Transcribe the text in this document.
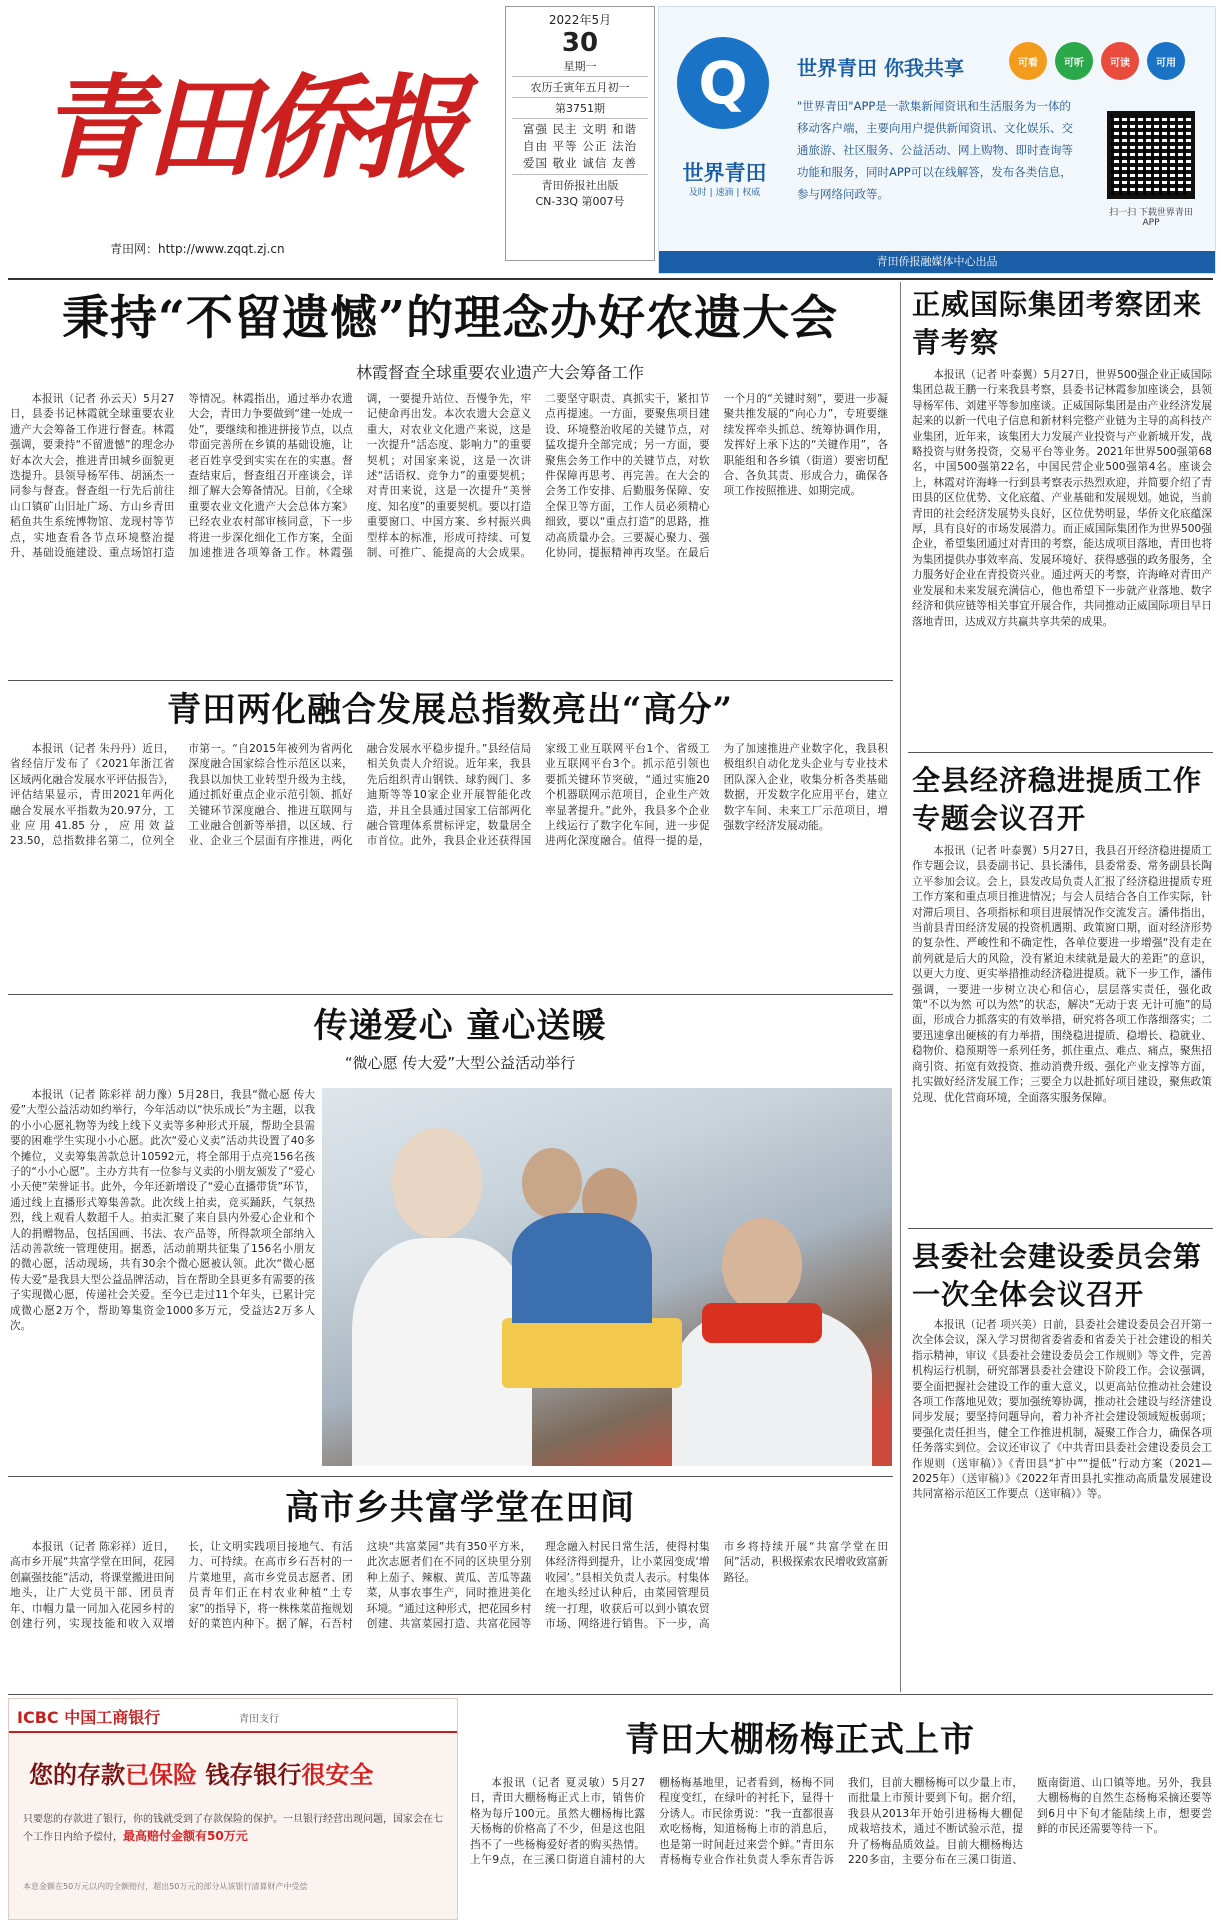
青田侨报
青田网：http://www.zqqt.zj.cn
2022年5月
30
星期一
农历壬寅年五月初一
第3751期
富强 民主 文明 和谐
自由 平等 公正 法治
爱国 敬业 诚信 友善
青田侨报社出版
CN-33Q 第007号
Q
世界青田
及时 | 速滴 | 权威
世界青田 你我共享	可看	可听	可读	可用
"世界青田"APP是一款集新闻资讯和生活服务为一体的移动客户端，主要向用户提供新闻资讯、文化娱乐、交通旅游、社区服务、公益活动、网上购物、即时查询等功能和服务，同时APP可以在线解答，发布各类信息，参与网络问政等。
扫一扫 下载世界青田APP
青田侨报融媒体中心出品
秉持“不留遗憾”的理念办好农遗大会
林霞督查全球重要农业遗产大会筹备工作
本报讯（记者 孙云天）5月27日，县委书记林霞就全球重要农业遗产大会筹备工作进行督查。林霞强调，要秉持“不留遗憾”的理念办好本次大会，推进青田城乡面貌更迭提升。县领导杨军伟、胡涵杰一同参与督查。督查组一行先后前往山口镇矿山旧址广场、方山乡青田稻鱼共生系统博物馆、龙现村等节点，实地查看各节点环境整治提升、基础设施建设、重点场馆打造等情况。林霞指出，通过举办农遗大会，青田力争要做到“建一处成一处”，要继续和推进拼接节点，以点带面完善所在乡镇的基础设施，让老百姓享受到实实在在的实惠。督查结束后，督查组召开座谈会，详细了解大会筹备情况。目前，《全球重要农业文化遗产大会总体方案》已经农业农村部审核同意，下一步将进一步深化细化工作方案，全面加速推进各项筹备工作。林霞强调，一要提升站位、吾慢争先，牢记使命再出发。本次农遗大会意义重大，对农业文化遗产来说，这是一次提升“活态度、影响力”的重要契机；对国家来说，这是一次讲述“活语权、竞争力”的重要契机；对青田来说，这是一次提升“美誉度、知名度”的重要契机。要以打造重要窗口、中国方案、乡村振兴典型样本的标准，形成可持续、可复制、可推广、能提高的大会成果。二要坚守职责、真抓实干，紧扣节点再提速。一方面，要聚焦项目建设、环境整治收尾的关键节点，对猛攻提升全部完成；另一方面，要聚焦会务工作中的关键节点，对软件保障再思考、再完善。在大会的会务工作安排、后勤服务保障、安全保卫等方面，工作人员必须精心细致，要以“重点打造”的思路，推动高质量办会。三要凝心聚力、强化协同，提振精神再攻坚。在最后一个月的“关键时刻”，要进一步凝聚共推发展的“向心力”，专班要继续发挥牵头抓总、统筹协调作用，发挥好上承下达的“关键作用”，各职能组和各乡镇（街道）要密切配合、各负其责、形成合力，确保各项工作按照推进、如期完成。
青田两化融合发展总指数亮出“高分”
本报讯（记者 朱丹丹）近日，省经信厅发布了《2021年浙江省区域两化融合发展水平评估报告》，评估结果显示，青田2021年两化融合发展水平指数为20.97分，工业应用41.85分，应用效益23.50，总指数排名第二，位列全市第一。“自2015年被列为省两化深度融合国家综合性示范区以来，我县以加快工业转型升级为主线，通过抓好重点企业示范引领、抓好关键环节深度融合、推进互联网与工业融合创新等举措，以区域、行业、企业三个层面有序推进，两化融合发展水平稳步提升。”县经信局相关负责人介绍说。近年来，我县先后组织青山钢铁、球豹阀门、多迪斯等等10家企业开展智能化改造，并且全县通过国家工信部两化融合管理体系贯标评定，数量居全市首位。此外，我县企业还获得国家级工业互联网平台1个、省级工业互联网平台3个。抓示范引领也要抓关键环节突破，“通过实施20个机器联网示范项目，企业生产效率显著提升。”此外，我县多个企业上线运行了数字化车间，进一步促进两化深度融合。值得一提的是，为了加速推进产业数字化，我县积极组织自动化龙头企业与专业技术团队深入企业，收集分析各类基础数据，开发数字化应用平台，建立数字车间、未来工厂示范项目，增强数字经济发展动能。
传递爱心 童心送暖
“微心愿 传大爱”大型公益活动举行
本报讯（记者 陈彩祥 胡力豫）5月28日，我县“微心愿 传大爱”大型公益活动如约举行，今年活动以“快乐成长”为主题，以我的小小心愿礼物等为线上线下义卖等多种形式开展，帮助全县需要的困难学生实现小小心愿。此次“爱心义卖”活动共设置了40多个摊位，义卖筹集善款总计10592元，将全部用于点亮156名孩子的“小小心愿”。主办方共有一位参与义卖的小朋友颁发了“爱心小天使”荣誉证书。此外，今年还新增设了“爱心直播带货”环节，通过线上直播形式筹集善款。此次线上拍卖，竞买踊跃，气氛热烈，线上观看人数超千人。拍卖汇聚了来自县内外爱心企业和个人的捐赠物品，包括国画、书法、农产品等，所得款项全部纳入活动善款统一管理使用。据悉，活动前期共征集了156名小朋友的微心愿，活动现场，共有30余个微心愿被认领。此次“微心愿 传大爱”是我县大型公益品牌活动，旨在帮助全县更多有需要的孩子实现微心愿，传递社会关爱。至今已走过11个年头，已累计完成微心愿2万个，帮助筹集资金1000多万元，受益达2万多人次。
高市乡共富学堂在田间
本报讯（记者 陈彩祥）近日，高市乡开展“共富学堂在田间，花园创赢强技能”活动，将课堂搬进田间地头，让广大党员干部、团员青年、巾帼力量一同加入花园乡村的创建行列，实现技能和收入双增长，让文明实践项目接地气、有活力、可持续。在高市乡石吾村的一片菜地里，高市乡党员志愿者、团员青年们正在村农业种植“土专家”的指导下，将一株株菜苗拖规划好的菜笆内种下。据了解，石吾村这块“共富菜园”共有350平方米，此次志愿者们在不同的区块里分别种上茄子、辣椒、黄瓜、苦瓜等蔬菜，从事农事生产，同时推进美化环境。“通过这种形式，把花园乡村创建、共富菜园打造、共富花园等理念融入村民日常生活，使得村集体经济得到提升，让小菜园变成‘增收园’。”县相关负责人表示。村集体在地头经过认种后，由菜园管理员统一打理，收获后可以到小镇农贸市场、网络进行销售。下一步，高市乡将持续开展“共富学堂在田间”活动，积极探索农民增收致富新路径。
ICBC 中国工商银行	青田支行
您的存款已保险 钱存银行很安全
只要您的存款进了银行，你的钱就受到了存款保险的保护。一旦银行经营出现问题，国家会在七个工作日内给予偿付，最高赔付金额有50万元
本息金额在50万元以内的全额赔付，超出50万元的部分从该银行清算财产中受偿
青田大棚杨梅正式上市
本报讯（记者 夏灵敏）5月27日，青田大棚杨梅正式上市，销售价格为每斤100元。虽然大棚杨梅比露天杨梅的价格高了不少，但是这也阻挡不了一些杨梅爱好者的购买热情。上午9点，在三溪口街道自浦村的大棚杨梅基地里，记者看到，杨梅不同程度变红，在绿叶的衬托下，显得十分诱人。市民徐勇说：“我一直都很喜欢吃杨梅，知道杨梅上市的消息后，也是第一时间赶过来尝个鲜。”青田东青杨梅专业合作社负责人季东青告诉我们，目前大棚杨梅可以少量上市，而批量上市预计要到下旬。据介绍，我县从2013年开始引进杨梅大棚促成栽培技术，通过不断试验示范，提升了杨梅品质效益。目前大棚杨梅达220多亩，主要分布在三溪口街道、瓯南街道、山口镇等地。另外，我县大棚杨梅的自然生态杨梅采摘还要等到6月中下旬才能陆续上市，想要尝鲜的市民还需要等待一下。
正威国际集团考察团来青考察
本报讯（记者 叶泰翼）5月27日，世界500强企业正威国际集团总裁王鹏一行来我县考察，县委书记林霞参加座谈会，县领导杨军伟、刘建平等参加座谈。正威国际集团是由产业经济发展起来的以新一代电子信息和新材料完整产业链为主导的高科技产业集团，近年来，该集团大力发展产业投资与产业新城开发，战略投资与财务投资，交易平台等业务。2021年世界500强第68名，中国500强第22名，中国民营企业500强第4名。座谈会上，林霞对许海峰一行到县考察表示热烈欢迎，并简要介绍了青田县的区位优势、文化底蕴、产业基础和发展规划。她说，当前青田的社会经济发展势头良好，区位优势明显，华侨文化底蕴深厚，具有良好的市场发展潜力。而正威国际集团作为世界500强企业，希望集团通过对青田的考察，能达成项目落地，青田也将为集团提供办事效率高、发展环境好、获得感强的政务服务，全力服务好企业在青投资兴业。通过两天的考察，许海峰对青田产业发展和未来发展充满信心，他也希望下一步就产业落地、数字经济和供应链等相关事宜开展合作，共同推动正威国际项目早日落地青田，达成双方共赢共享共荣的成果。
全县经济稳进提质工作专题会议召开
本报讯（记者 叶泰翼）5月27日，我县召开经济稳进提质工作专题会议，县委副书记、县长潘伟，县委常委、常务副县长陶立平参加会议。会上，县发改局负责人汇报了经济稳进提质专班工作方案和重点项目推进情况；与会人员结合各自工作实际，针对滞后项目、各项指标和项目进展情况作交流发言。潘伟指出，当前县青田经济发展的投资机遇期、政策窗口期，面对经济形势的复杂性、严峻性和不确定性，各单位要进一步增强“没有走在前列就是后大的风险，没有紧迫未续就是最大的差距”的意识，以更大力度、更实举措推动经济稳进提质。就下一步工作，潘伟强调，一要进一步树立决心和信心，层层落实责任，强化政策“不以为然 可以为然”的状态，解决“无动于衷 无计可施”的局面，形成合力抓落实的有效举措，研究将各项工作落细落实；二要迅速拿出硬核的有力举措，围绕稳进提质、稳增长、稳就业、稳物价、稳预期等一系列任务，抓住重点、难点、痛点，聚焦招商引资、拓宽有效投资、推动消费升级、强化产业支撑等方面，扎实做好经济发展工作；三要全力以赴抓好项目建设，聚焦政策兑现、优化营商环境，全面落实服务保障。
县委社会建设委员会第一次全体会议召开
本报讯（记者 项兴美）日前，县委社会建设委员会召开第一次全体会议，深入学习贯彻省委省委和省委关于社会建设的相关指示精神，审议《县委社会建设委员会工作规则》等文件，完善机构运行机制，研究部署县委社会建设下阶段工作。会议强调，要全面把握社会建设工作的重大意义，以更高站位推动社会建设各项工作落地见效；要加强统筹协调，推动社会建设与经济建设同步发展；要坚持问题导向，着力补齐社会建设领域短板弱项；要强化责任担当，健全工作推进机制，凝聚工作合力，确保各项任务落实到位。会议还审议了《中共青田县委社会建设委员会工作规则（送审稿）》《青田县“扩中”“提低”行动方案（2021—2025年）（送审稿）》《2022年青田县扎实推动高质量发展建设共同富裕示范区工作要点（送审稿）》等。
